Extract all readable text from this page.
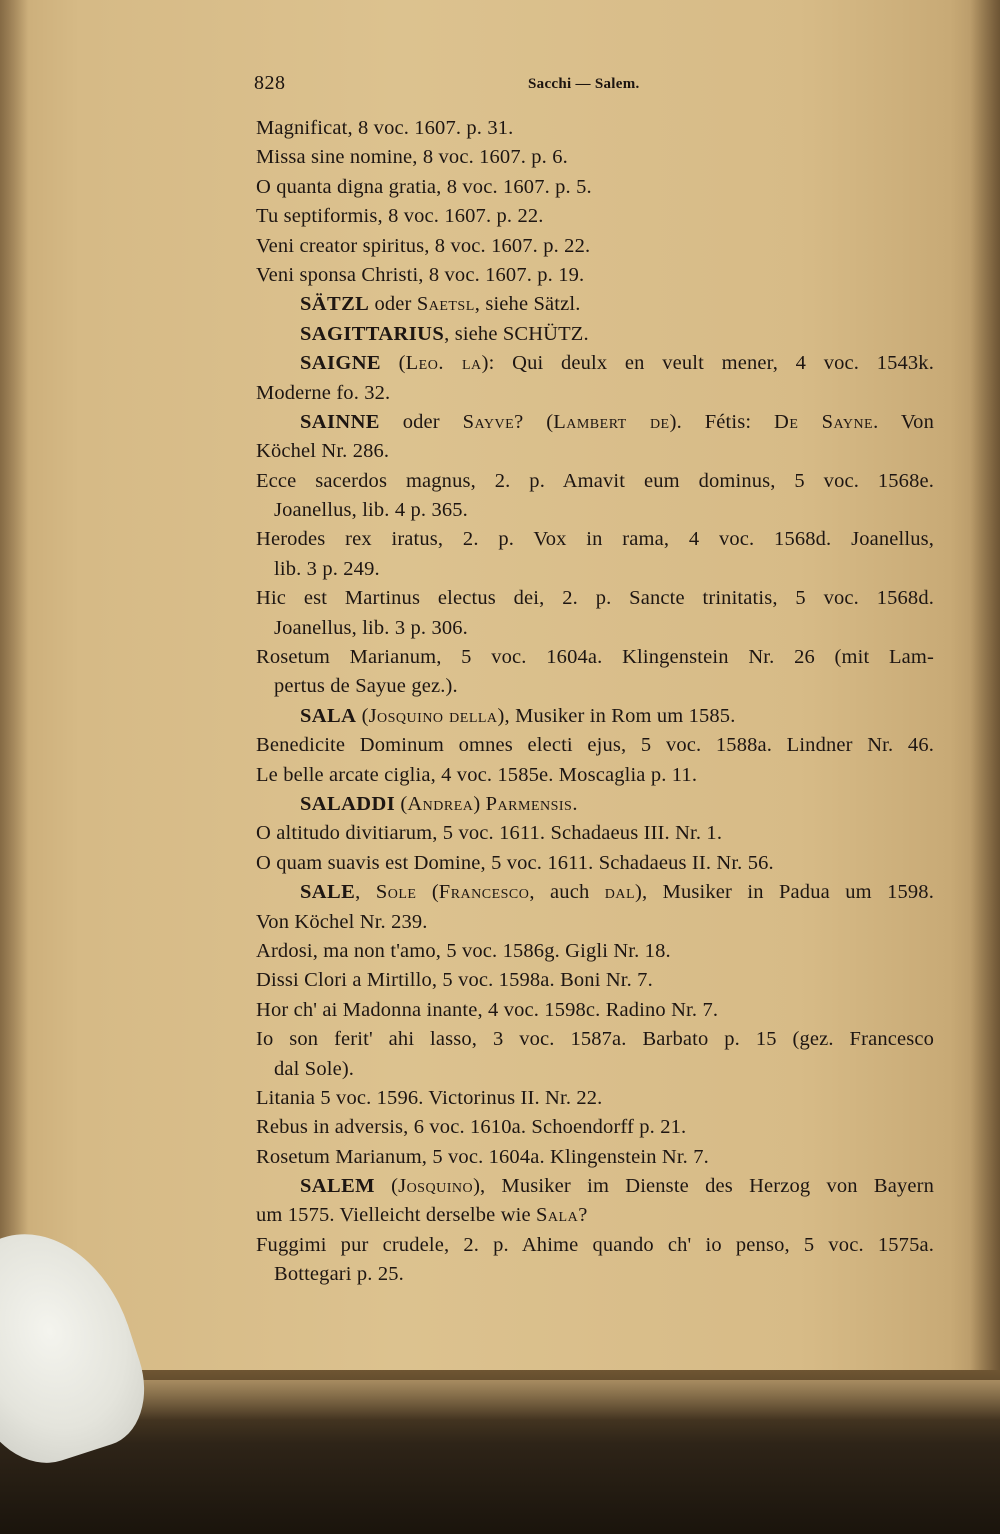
828	Sacchi — Salem.
Magnificat, 8 voc. 1607. p. 31.
Missa sine nomine, 8 voc. 1607. p. 6.
O quanta digna gratia, 8 voc. 1607. p. 5.
Tu septiformis, 8 voc. 1607. p. 22.
Veni creator spiritus, 8 voc. 1607. p. 22.
Veni sponsa Christi, 8 voc. 1607. p. 19.
SÄTZL oder Saetsl, siehe Sätzl.
SAGITTARIUS, siehe SCHÜTZ.
SAIGNE (Leo. la): Qui deulx en veult mener, 4 voc. 1543k.
Moderne fo. 32.
SAINNE oder Sayve? (Lambert de). Fétis: De Sayne. Von
Köchel Nr. 286.
Ecce sacerdos magnus, 2. p. Amavit eum dominus, 5 voc. 1568e.
Joanellus, lib. 4 p. 365.
Herodes rex iratus, 2. p. Vox in rama, 4 voc. 1568d. Joanellus,
lib. 3 p. 249.
Hic est Martinus electus dei, 2. p. Sancte trinitatis, 5 voc. 1568d.
Joanellus, lib. 3 p. 306.
Rosetum Marianum, 5 voc. 1604a. Klingenstein Nr. 26 (mit Lam-
pertus de Sayue gez.).
SALA (Josquino della), Musiker in Rom um 1585.
Benedicite Dominum omnes electi ejus, 5 voc. 1588a. Lindner Nr. 46.
Le belle arcate ciglia, 4 voc. 1585e. Moscaglia p. 11.
SALADDI (Andrea) Parmensis.
O altitudo divitiarum, 5 voc. 1611. Schadaeus III. Nr. 1.
O quam suavis est Domine, 5 voc. 1611. Schadaeus II. Nr. 56.
SALE, Sole (Francesco, auch dal), Musiker in Padua um 1598.
Von Köchel Nr. 239.
Ardosi, ma non t'amo, 5 voc. 1586g. Gigli Nr. 18.
Dissi Clori a Mirtillo, 5 voc. 1598a. Boni Nr. 7.
Hor ch' ai Madonna inante, 4 voc. 1598c. Radino Nr. 7.
Io son ferit' ahi lasso, 3 voc. 1587a. Barbato p. 15 (gez. Francesco
dal Sole).
Litania 5 voc. 1596. Victorinus II. Nr. 22.
Rebus in adversis, 6 voc. 1610a. Schoendorff p. 21.
Rosetum Marianum, 5 voc. 1604a. Klingenstein Nr. 7.
SALEM (Josquino), Musiker im Dienste des Herzog von Bayern
um 1575. Vielleicht derselbe wie Sala?
Fuggimi pur crudele, 2. p. Ahime quando ch' io penso, 5 voc. 1575a.
Bottegari p. 25.
